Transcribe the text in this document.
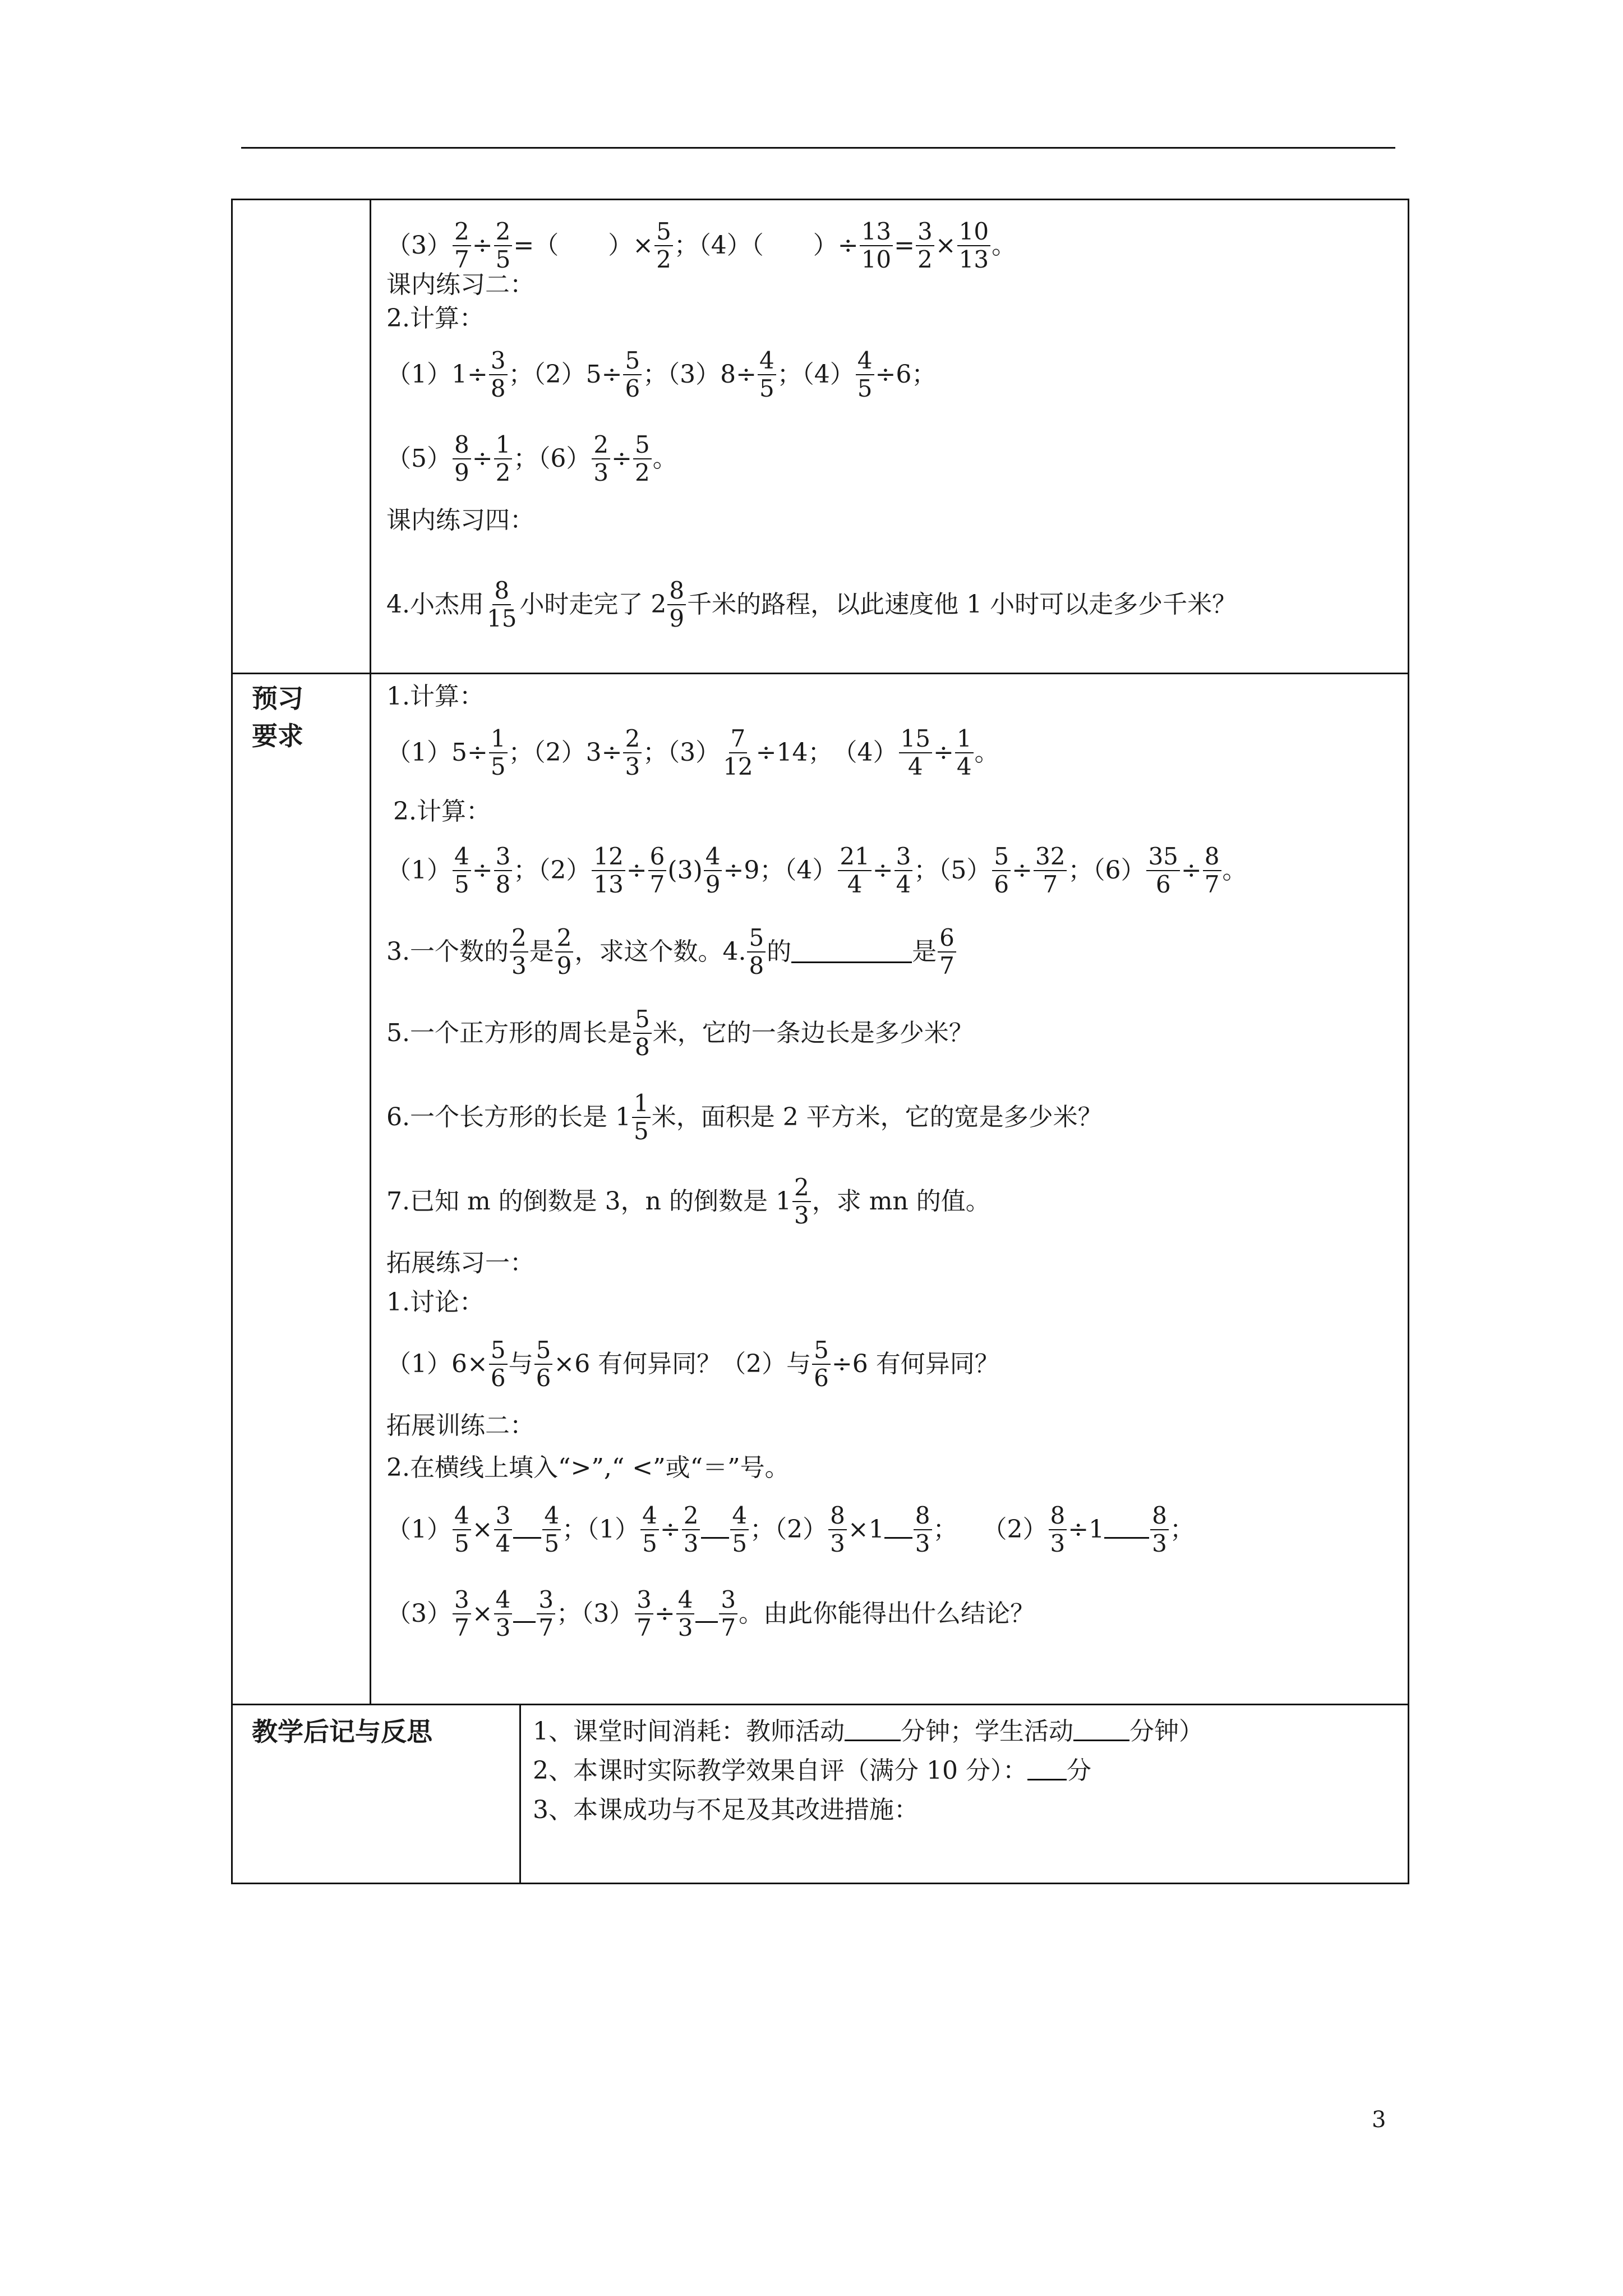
$(3) \frac{2}{7} \div \frac{2}{5}$ =（　　）× $\frac{5}{2}$ ；（4）（　　）÷ $\frac{13}{10} = \frac{3}{2} \times \frac{10}{13}$ 。
课内练习二：
2.计算：
$(1)1\div \frac{3}{8}$ ；$(2)5\div \frac{5}{6}$ ；$(3)8\div \frac{4}{5}$ ；$(4) \frac{4}{5} \div 6$；
$(5) \frac{8}{9} \div \frac{1}{2}$ ；$(6) \frac{2}{3} \div \frac{5}{2}$ 。
课内练习四：
4.小杰用 $\frac{8}{15}$ 小时走完了 $2 \frac{8}{9}$ 千米的路程，以此速度他 1 小时可以走多少千米？
预习
要求
1.计算：
$(1)5\div \frac{1}{5}$ ；$(2)3\div \frac{2}{3}$ ；$(3) \frac{7}{12} \div 14$；　$(4) \frac{15}{4} \div \frac{1}{4}$ 。
2.计算：
$(1) \frac{4}{5} \div \frac{3}{8}$ ；$(2) \frac{12}{13} \div \frac{6}{7} (3) \frac{4}{9} \div 9$；$(4) \frac{21}{4} \div \frac{3}{4}$ ；$(5) \frac{5}{6} \div \frac{32}{7}$ ；$(6) \frac{35}{6} \div \frac{8}{7}$ 。
3.一个数的 $\frac{2}{3}$ 是 $\frac{2}{9}$ ，求这个数。4. $\frac{5}{8}$ 的	是 $\frac{6}{7}$
5.一个正方形的周长是 $\frac{5}{8}$ 米，它的一条边长是多少米？
6.一个长方形的长是 $1 \frac{1}{5}$ 米，面积是 2 平方米，它的宽是多少米？
7.已知 m 的倒数是 3，n 的倒数是 $1 \frac{2}{3}$ ，求 mn 的值。
拓展练习一：
1.讨论：
$(1)6\times \frac{5}{6}$ 与 $\frac{5}{6} \times 6$ 有何异同？（2）与 $\frac{5}{6} \div 6$ 有何异同？
拓展训练二：
2.在横线上填入“>”,“ <”或“＝”号。
$(1) \frac{4}{5} \times \frac{3}{4} \frac{4}{5}$ ；$(1) \frac{4}{5} \div \frac{2}{3} \frac{4}{5}$ ；$(2) \frac{8}{3} \times 1 \frac{8}{3}$ ；　　$(2) \frac{8}{3} \div 1 \frac{8}{3}$ ；
$(3) \frac{3}{7} \times \frac{4}{3} \frac{3}{7}$ ；$(3) \frac{3}{7} \div \frac{4}{3} \frac{3}{7}$ 。由此你能得出什么结论？
教学后记与反思	1、课堂时间消耗：教师活动 分钟；学生活动 分钟）
2、本课时实际教学效果自评（满分 10 分）： 分
3、本课成功与不足及其改进措施：
3
